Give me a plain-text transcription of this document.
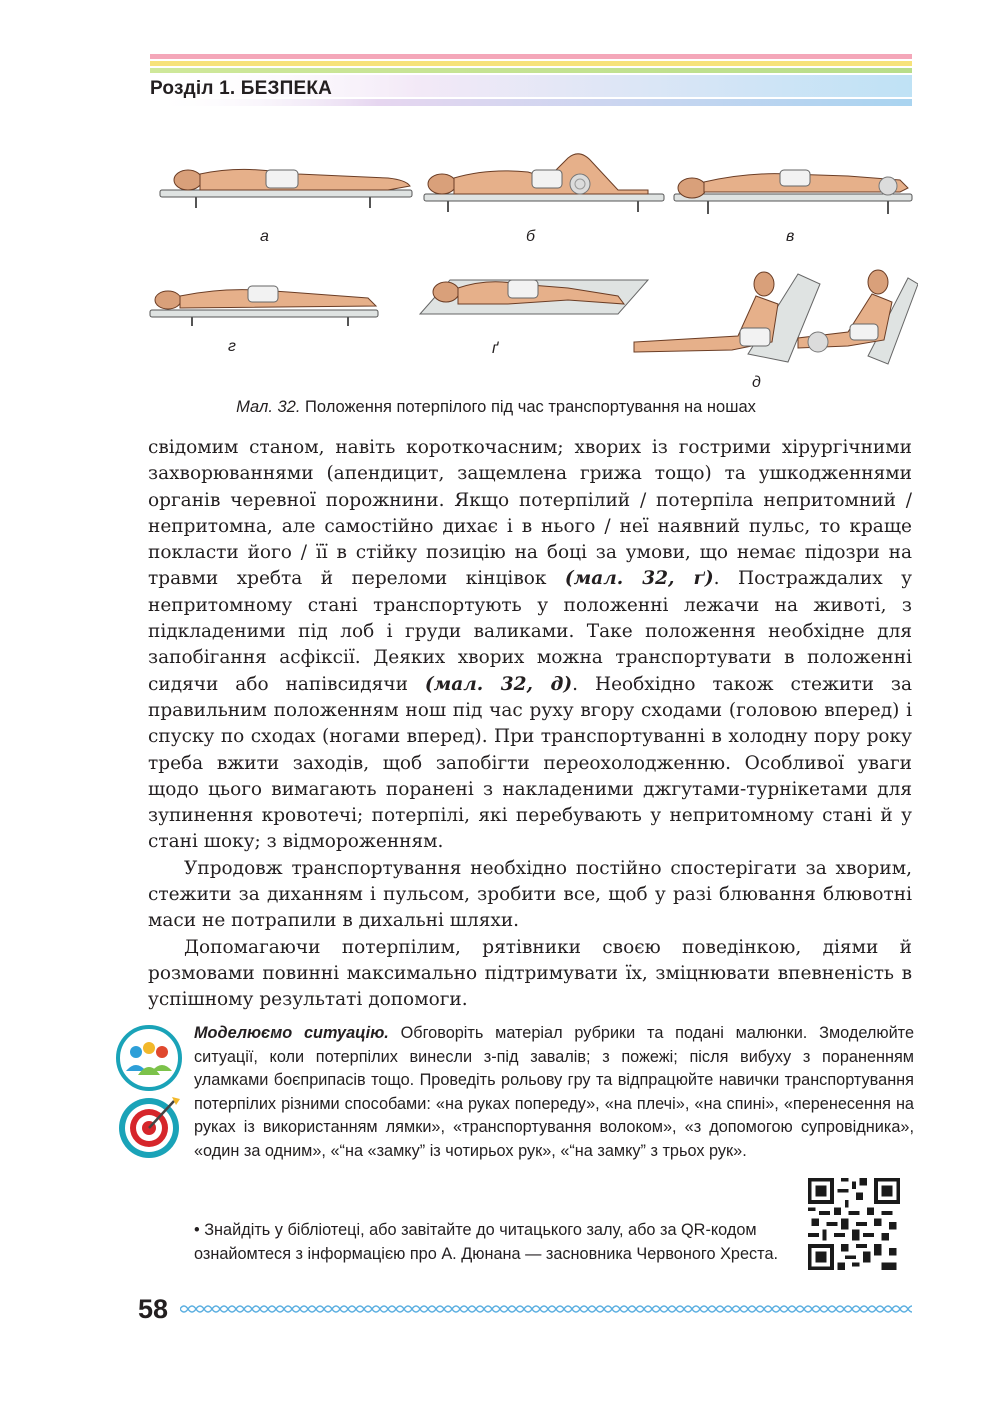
Розділ 1. БЕЗПЕКА
а	б	в
г	ґ
д
Мал. 32. Положення потерпілого під час транспортування на ношах

свідомим станом, навіть короткочасним; хворих із гострими хірургічними захворюваннями (апендицит, защемлена грижа тощо) та ушкодженнями органів черевної порожнини. Якщо потерпілий / потерпіла непритомний / непритомна, але самостійно дихає і в нього / неї наявний пульс, то краще покласти його / її в стійку позицію на боці за умови, що немає підозри на травми хребта й переломи кінцівок (мал. 32, ґ). Постраждалих у непритомному стані транспортують у положенні лежачи на животі, з підкладеними під лоб і груди валиками. Таке положення необхідне для запобігання асфіксії. Деяких хворих можна транспортувати в положенні сидячи або напівсидячи (мал. 32, д). Необхідно також стежити за правильним положенням нош під час руху вгору сходами (головою вперед) і спуску по сходах (ногами вперед). При транспортуванні в холодну пору року треба вжити заходів, щоб запобігти переохолодженню. Особливої уваги щодо цього вимагають поранені з накладеними джгутами-турнікетами для зупинення кровотечі; потерпілі, які перебувають у непритомному стані й у стані шоку; з відмороженням.

Упродовж транспортування необхідно постійно спостерігати за хворим, стежити за диханням і пульсом, зробити все, щоб у разі блювання блювотні маси не потрапили в дихальні шляхи.

Допомагаючи потерпілим, рятівники своєю поведінкою, діями й розмовами повинні максимально підтримувати їх, зміцнювати впевненість в успішному результаті допомоги.

Моделюємо ситуацію. Обговоріть матеріал рубрики та подані малюнки. Змоделюйте ситуації, коли потерпілих винесли з-під завалів; з пожежі; після вибуху з пораненням уламками боєприпасів тощо. Проведіть рольову гру та відпрацюйте навички транспортування потерпілих різними способами: «на руках попереду», «на плечі», «на спині», «перенесення на руках із використанням лямки», «транспортування волоком», «з допомогою супровідника», «один за одним», «“на «замку” із чотирьох рук», «“на замку” з трьох рук».
• Знайдіть у бібліотеці, або завітайте до читацького залу, або за QR-кодом ознайомтеся з інформацією про А. Дюнана — засновника Червоного Хреста.
58
